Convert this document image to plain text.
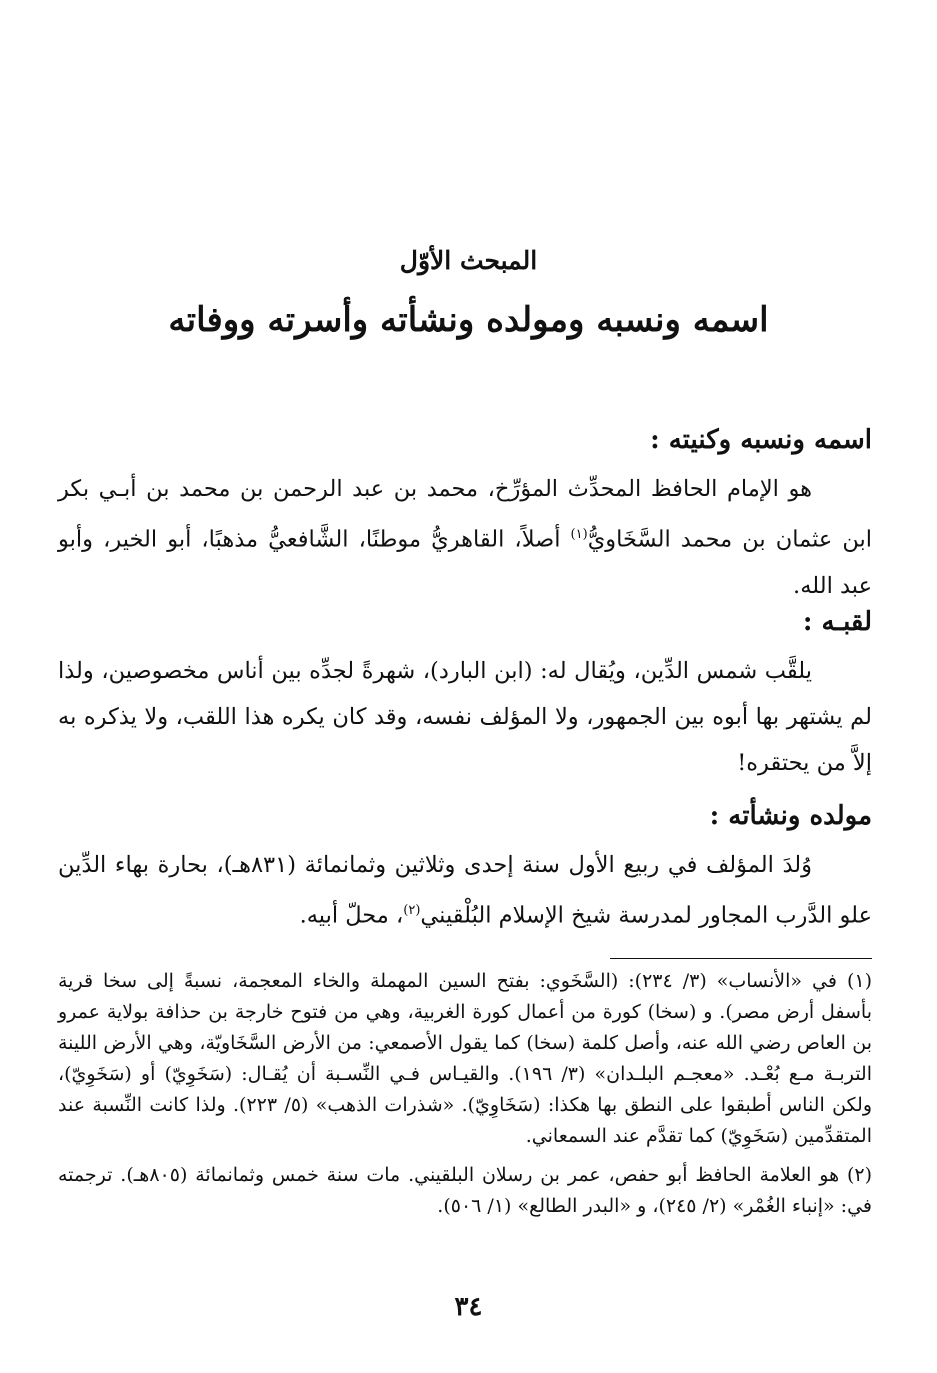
المبحث الأوّل
اسمه ونسبه ومولده ونشأته وأسرته ووفاته
اسمه ونسبه وكنيته :

هو الإمام الحافظ المحدِّث المؤرِّخ، محمد بن عبد الرحمن بن محمد بن أبـي بكر ابن عثمان بن محمد السَّخَاويُّ$^{(١)}$ أصلاً، القاهريُّ موطنًا، الشَّافعيُّ مذهبًا، أبو الخير، وأبو عبد الله.

لقبـه :

يلقَّب شمس الدِّين، ويُقال له: (ابن البارد)، شهرةً لجدِّه بين أناس مخصوصين، ولذا لم يشتهر بها أبوه بين الجمهور، ولا المؤلف نفسه، وقد كان يكره هذا اللقب، ولا يذكره به إلاَّ من يحتقره!

مولده ونشأته :

وُلدَ المؤلف في ربيع الأول سنة إحدى وثلاثين وثمانمائة (٨٣١هـ)، بحارة بهاء الدِّين علو الدَّرب المجاور لمدرسة شيخ الإسلام البُلْقيني$^{(٢)}$، محلّ أبيه.

(١) في «الأنساب» (٣/ ٢٣٤): (السَّخَوي: بفتح السين المهملة والخاء المعجمة، نسبةً إلى سخا قرية بأسفل أرض مصر). و (سخا) كورة من أعمال كورة الغربية، وهي من فتوح خارجة بن حذافة بولاية عمرو بن العاص رضي الله عنه، وأصل كلمة (سخا) كما يقول الأصمعي: من الأرض السَّخَاويّة، وهي الأرض اللينة التربـة مـع بُعْـد. «معجـم البلـدان» (٣/ ١٩٦). والقيـاس فـي النِّسـبة أن يُقـال: (سَخَوِيّ) أو (سَخَوِيّ)، ولكن الناس أطبقوا على النطق بها هكذا: (سَخَاوِيّ). «شذرات الذهب» (٥/ ٢٢٣). ولذا كانت النِّسبة عند المتقدِّمين (سَخَوِيّ) كما تقدَّم عند السمعاني.

(٢) هو العلامة الحافظ أبو حفص، عمر بن رسلان البلقيني. مات سنة خمس وثمانمائة (٨٠٥هـ). ترجمته في: «إنباء الغُمْر» (٢/ ٢٤٥)، و «البدر الطالع» (١/ ٥٠٦).

٣٤
